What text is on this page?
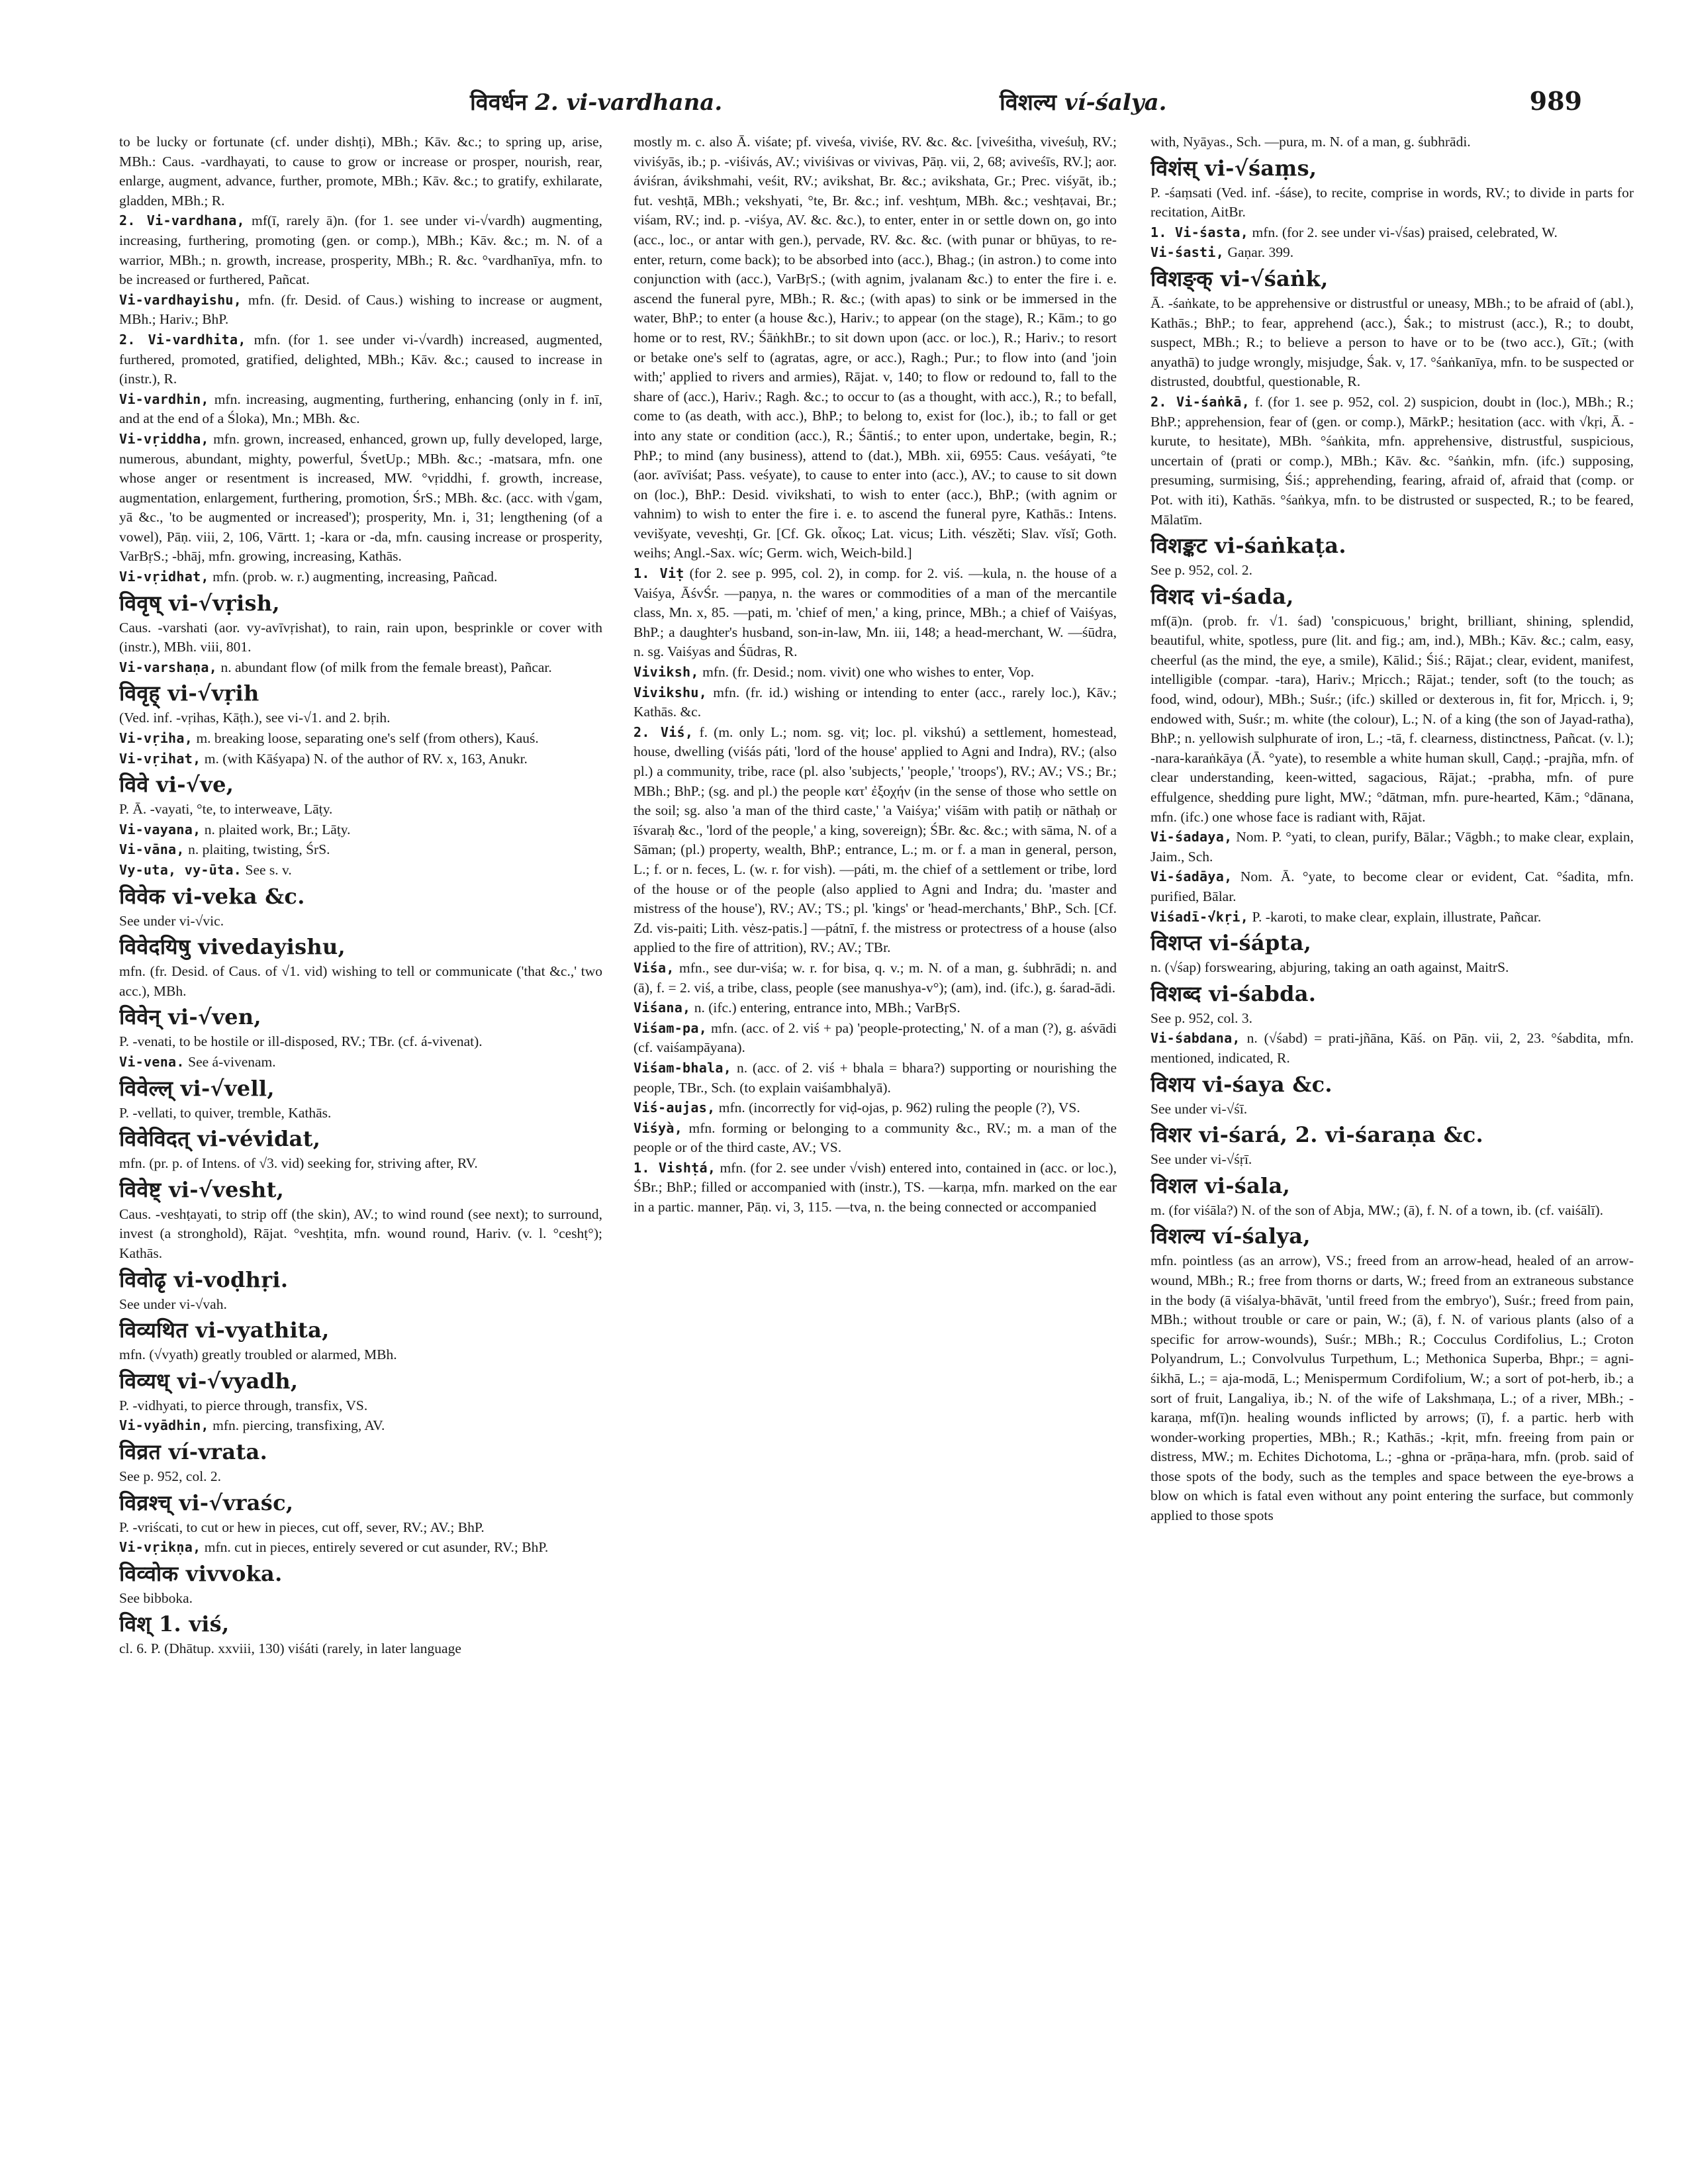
विवर्धन 2. vi-vardhana.	विशल्य ví-śalya.	989
to be lucky or fortunate (cf. under dishṭi), MBh.; Kāv. &c.; to spring up, arise, MBh.: Caus. -vardhayati, to cause to grow or increase or prosper, nourish, rear, enlarge, augment, advance, further, promote, MBh.; Kāv. &c.; to gratify, exhilarate, gladden, MBh.; R.
2. Vi-vardhana, mf(ī, rarely ā)n. (for 1. see under vi-√vardh) augmenting, increasing, furthering, promoting (gen. or comp.), MBh.; Kāv. &c.; m. N. of a warrior, MBh.; n. growth, increase, prosperity, MBh.; R. &c. °vardhanīya, mfn. to be increased or furthered, Pañcat.
Vi-vardhayishu, mfn. (fr. Desid. of Caus.) wishing to increase or augment, MBh.; Hariv.; BhP.
2. Vi-vardhita, mfn. (for 1. see under vi-√vardh) increased, augmented, furthered, promoted, gratified, delighted, MBh.; Kāv. &c.; caused to increase in (instr.), R.
Vi-vardhin, mfn. increasing, augmenting, furthering, enhancing (only in f. inī, and at the end of a Śloka), Mn.; MBh. &c.
Vi-vṛiddha, mfn. grown, increased, enhanced, grown up, fully developed, large, numerous, abundant, mighty, powerful, ŚvetUp.; MBh. &c.; -matsara, mfn. one whose anger or resentment is increased, MW. °vṛiddhi, f. growth, increase, augmentation, enlargement, furthering, promotion, ŚrS.; MBh. &c. (acc. with √gam, yā &c., 'to be augmented or increased'); prosperity, Mn. i, 31; lengthening (of a vowel), Pāṇ. viii, 2, 106, Vārtt. 1; -kara or -da, mfn. causing increase or prosperity, VarBṛS.; -bhāj, mfn. growing, increasing, Kathās.
Vi-vṛidhat, mfn. (prob. w. r.) augmenting, increasing, Pañcad.
विवृष् vi-√vṛish,
Caus. -varshati (aor. vy-avīvṛishat), to rain, rain upon, besprinkle or cover with (instr.), MBh. viii, 801.
Vi-varshaṇa, n. abundant flow (of milk from the female breast), Pañcar.
विवृह् vi-√vṛih
(Ved. inf. -vṛihas, Kāṭh.), see vi-√1. and 2. bṛih.
Vi-vṛiha, m. breaking loose, separating one's self (from others), Kauś.
Vi-vṛihat, m. (with Kāśyapa) N. of the author of RV. x, 163, Anukr.
विवे vi-√ve,
P. Ā. -vayati, °te, to interweave, Lāṭy.
Vi-vayana, n. plaited work, Br.; Lāṭy.
Vi-vāna, n. plaiting, twisting, ŚrS.
Vy-uta, vy-ūta. See s. v.
विवेक vi-veka &c.
See under vi-√vic.
विवेदयिषु vivedayishu,
mfn. (fr. Desid. of Caus. of √1. vid) wishing to tell or communicate ('that &c.,' two acc.), MBh.
विवेन् vi-√ven,
P. -venati, to be hostile or ill-disposed, RV.; TBr. (cf. á-vivenat).
Vi-vena. See á-vivenam.
विवेल्ल् vi-√vell,
P. -vellati, to quiver, tremble, Kathās.
विवेविदत् vi-vévidat,
mfn. (pr. p. of Intens. of √3. vid) seeking for, striving after, RV.
विवेष्ट् vi-√vesht,
Caus. -veshṭayati, to strip off (the skin), AV.; to wind round (see next); to surround, invest (a stronghold), Rājat. °veshṭita, mfn. wound round, Hariv. (v. l. °ceshṭ°); Kathās.
विवोढृ vi-voḍhṛi.
See under vi-√vah.
विव्यथित vi-vyathita,
mfn. (√vyath) greatly troubled or alarmed, MBh.
विव्यध् vi-√vyadh,
P. -vidhyati, to pierce through, transfix, VS.
Vi-vyādhin, mfn. piercing, transfixing, AV.
विव्रत ví-vrata.
See p. 952, col. 2.
विव्रश्च् vi-√vraśc,
P. -vriścati, to cut or hew in pieces, cut off, sever, RV.; AV.; BhP.
Vi-vṛikṇa, mfn. cut in pieces, entirely severed or cut asunder, RV.; BhP.
विव्वोक vivvoka.
See bibboka.
विश् 1. viś,
cl. 6. P. (Dhātup. xxviii, 130) viśáti (rarely, in later language
mostly m. c. also Ā. viśate; pf. viveśa, viviśe, RV. &c. &c. [viveśitha, viveśuḥ, RV.; viviśyās, ib.; p. -viśivás, AV.; viviśivas or vivivas, Pāṇ. vii, 2, 68; aviveśīs, RV.]; aor. áviśran, ávikshmahi, veśit, RV.; avikshat, Br. &c.; avikshata, Gr.; Prec. viśyāt, ib.; fut. veshṭā, MBh.; vekshyati, °te, Br. &c.; inf. veshṭum, MBh. &c.; veshṭavai, Br.; viśam, RV.; ind. p. -viśya, AV. &c. &c.), to enter, enter in or settle down on, go into (acc., loc., or antar with gen.), pervade, RV. &c. &c. (with punar or bhūyas, to re-enter, return, come back); to be absorbed into (acc.), Bhag.; (in astron.) to come into conjunction with (acc.), VarBṛS.; (with agnim, jvalanam &c.) to enter the fire i. e. ascend the funeral pyre, MBh.; R. &c.; (with apas) to sink or be immersed in the water, BhP.; to enter (a house &c.), Hariv.; to appear (on the stage), R.; Kām.; to go home or to rest, RV.; ŚāṅkhBr.; to sit down upon (acc. or loc.), R.; Hariv.; to resort or betake one's self to (agratas, agre, or acc.), Ragh.; Pur.; to flow into (and 'join with;' applied to rivers and armies), Rājat. v, 140; to flow or redound to, fall to the share of (acc.), Hariv.; Ragh. &c.; to occur to (as a thought, with acc.), R.; to befall, come to (as death, with acc.), BhP.; to belong to, exist for (loc.), ib.; to fall or get into any state or condition (acc.), R.; Śāntiś.; to enter upon, undertake, begin, R.; PhP.; to mind (any business), attend to (dat.), MBh. xii, 6955: Caus. veśáyati, °te (aor. avīviśat; Pass. veśyate), to cause to enter into (acc.), AV.; to cause to sit down on (loc.), BhP.: Desid. vivikshati, to wish to enter (acc.), BhP.; (with agnim or vahnim) to wish to enter the fire i. e. to ascend the funeral pyre, Kathās.: Intens. vevišyate, veveshṭi, Gr. [Cf. Gk. οἶκος; Lat. vicus; Lith. vészěti; Slav. vĭsĭ; Goth. weihs; Angl.-Sax. wíc; Germ. wich, Weich-bild.]
1. Viṭ (for 2. see p. 995, col. 2), in comp. for 2. viś. —kula, n. the house of a Vaiśya, ĀśvŚr. —paṇya, n. the wares or commodities of a man of the mercantile class, Mn. x, 85. —pati, m. 'chief of men,' a king, prince, MBh.; a chief of Vaiśyas, BhP.; a daughter's husband, son-in-law, Mn. iii, 148; a head-merchant, W. —śūdra, n. sg. Vaiśyas and Śūdras, R.
Viviksh, mfn. (fr. Desid.; nom. vivit) one who wishes to enter, Vop.
Vivikshu, mfn. (fr. id.) wishing or intending to enter (acc., rarely loc.), Kāv.; Kathās. &c.
2. Viś, f. (m. only L.; nom. sg. viṭ; loc. pl. vikshú) a settlement, homestead, house, dwelling (viśás páti, 'lord of the house' applied to Agni and Indra), RV.; (also pl.) a community, tribe, race (pl. also 'subjects,' 'people,' 'troops'), RV.; AV.; VS.; Br.; MBh.; BhP.; (sg. and pl.) the people κατ' ἐξοχήν (in the sense of those who settle on the soil; sg. also 'a man of the third caste,' 'a Vaiśya;' viśām with patiḥ or nāthaḥ or īśvaraḥ &c., 'lord of the people,' a king, sovereign); ŚBr. &c. &c.; with sāma, N. of a Sāman; (pl.) property, wealth, BhP.; entrance, L.; m. or f. a man in general, person, L.; f. or n. feces, L. (w. r. for vish). —páti, m. the chief of a settlement or tribe, lord of the house or of the people (also applied to Agni and Indra; du. 'master and mistress of the house'), RV.; AV.; TS.; pl. 'kings' or 'head-merchants,' BhP., Sch. [Cf. Zd. vis-paiti; Lith. vėsz-patis.] —pátnī, f. the mistress or protectress of a house (also applied to the fire of attrition), RV.; AV.; TBr.
Viśa, mfn., see dur-viśa; w. r. for bisa, q. v.; m. N. of a man, g. śubhrādi; n. and (ā), f. = 2. viś, a tribe, class, people (see manushya-v°); (am), ind. (ifc.), g. śarad-ādi.
Viśana, n. (ifc.) entering, entrance into, MBh.; VarBṛS.
Viśam-pa, mfn. (acc. of 2. viś + pa) 'people-protecting,' N. of a man (?), g. aśvādi (cf. vaiśampāyana).
Viśam-bhala, n. (acc. of 2. viś + bhala = bhara?) supporting or nourishing the people, TBr., Sch. (to explain vaiśambhalyā).
Viś-aujas, mfn. (incorrectly for viḍ-ojas, p. 962) ruling the people (?), VS.
Viśyà, mfn. forming or belonging to a community &c., RV.; m. a man of the people or of the third caste, AV.; VS.
1. Vishṭá, mfn. (for 2. see under √vish) entered into, contained in (acc. or loc.), ŚBr.; BhP.; filled or accompanied with (instr.), TS. —karṇa, mfn. marked on the ear in a partic. manner, Pāṇ. vi, 3, 115. —tva, n. the being connected or accompanied
with, Nyāyas., Sch. —pura, m. N. of a man, g. śubhrādi.
विशंस् vi-√śaṃs,
P. -śaṃsati (Ved. inf. -śáse), to recite, comprise in words, RV.; to divide in parts for recitation, AitBr.
1. Vi-śasta, mfn. (for 2. see under vi-√śas) praised, celebrated, W.
Vi-śasti, Gaṇar. 399.
विशङ्क् vi-√śaṅk,
Ā. -śaṅkate, to be apprehensive or distrustful or uneasy, MBh.; to be afraid of (abl.), Kathās.; BhP.; to fear, apprehend (acc.), Śak.; to mistrust (acc.), R.; to doubt, suspect, MBh.; R.; to believe a person to have or to be (two acc.), Gīt.; (with anyathā) to judge wrongly, misjudge, Śak. v, 17. °śaṅkanīya, mfn. to be suspected or distrusted, doubtful, questionable, R.
2. Vi-śaṅkā, f. (for 1. see p. 952, col. 2) suspicion, doubt in (loc.), MBh.; R.; BhP.; apprehension, fear of (gen. or comp.), MārkP.; hesitation (acc. with √kṛi, Ā. -kurute, to hesitate), MBh. °śaṅkita, mfn. apprehensive, distrustful, suspicious, uncertain of (prati or comp.), MBh.; Kāv. &c. °śaṅkin, mfn. (ifc.) supposing, presuming, surmising, Śiś.; apprehending, fearing, afraid of, afraid that (comp. or Pot. with iti), Kathās. °śaṅkya, mfn. to be distrusted or suspected, R.; to be feared, Mālatīm.
विशङ्कट vi-śaṅkaṭa.
See p. 952, col. 2.
विशद vi-śada,
mf(ā)n. (prob. fr. √1. śad) 'conspicuous,' bright, brilliant, shining, splendid, beautiful, white, spotless, pure (lit. and fig.; am, ind.), MBh.; Kāv. &c.; calm, easy, cheerful (as the mind, the eye, a smile), Kālid.; Śiś.; Rājat.; clear, evident, manifest, intelligible (compar. -tara), Hariv.; Mṛicch.; Rājat.; tender, soft (to the touch; as food, wind, odour), MBh.; Suśr.; (ifc.) skilled or dexterous in, fit for, Mṛicch. i, 9; endowed with, Suśr.; m. white (the colour), L.; N. of a king (the son of Jayad-ratha), BhP.; n. yellowish sulphurate of iron, L.; -tā, f. clearness, distinctness, Pañcat. (v. l.); -nara-karaṅkāya (Ā. °yate), to resemble a white human skull, Caṇḍ.; -prajña, mfn. of clear understanding, keen-witted, sagacious, Rājat.; -prabha, mfn. of pure effulgence, shedding pure light, MW.; °dātman, mfn. pure-hearted, Kām.; °dānana, mfn. (ifc.) one whose face is radiant with, Rājat.
Vi-śadaya, Nom. P. °yati, to clean, purify, Bālar.; Vāgbh.; to make clear, explain, Jaim., Sch.
Vi-śadāya, Nom. Ā. °yate, to become clear or evident, Cat. °śadita, mfn. purified, Bālar.
Viśadī-√kṛi, P. -karoti, to make clear, explain, illustrate, Pañcar.
विशप्त vi-śápta,
n. (√śap) forswearing, abjuring, taking an oath against, MaitrS.
विशब्द vi-śabda.
See p. 952, col. 3.
Vi-śabdana, n. (√śabd) = prati-jñāna, Kāś. on Pāṇ. vii, 2, 23. °śabdita, mfn. mentioned, indicated, R.
विशय vi-śaya &c.
See under vi-√śī.
विशर vi-śará, 2. vi-śaraṇa &c.
See under vi-√śṛī.
विशल vi-śala,
m. (for viśāla?) N. of the son of Abja, MW.; (ā), f. N. of a town, ib. (cf. vaiśālī).
विशल्य ví-śalya,
mfn. pointless (as an arrow), VS.; freed from an arrow-head, healed of an arrow-wound, MBh.; R.; free from thorns or darts, W.; freed from an extraneous substance in the body (ā viśalya-bhāvāt, 'until freed from the embryo'), Suśr.; freed from pain, MBh.; without trouble or care or pain, W.; (ā), f. N. of various plants (also of a specific for arrow-wounds), Suśr.; MBh.; R.; Cocculus Cordifolius, L.; Croton Polyandrum, L.; Convolvulus Turpethum, L.; Methonica Superba, Bhpr.; = agni-śikhā, L.; = aja-modā, L.; Menispermum Cordifolium, W.; a sort of pot-herb, ib.; a sort of fruit, Langaliya, ib.; N. of the wife of Lakshmaṇa, L.; of a river, MBh.; -karaṇa, mf(ī)n. healing wounds inflicted by arrows; (ī), f. a partic. herb with wonder-working properties, MBh.; R.; Kathās.; -kṛit, mfn. freeing from pain or distress, MW.; m. Echites Dichotoma, L.; -ghna or -prāṇa-hara, mfn. (prob. said of those spots of the body, such as the temples and space between the eye-brows a blow on which is fatal even without any point entering the surface, but commonly applied to those spots
